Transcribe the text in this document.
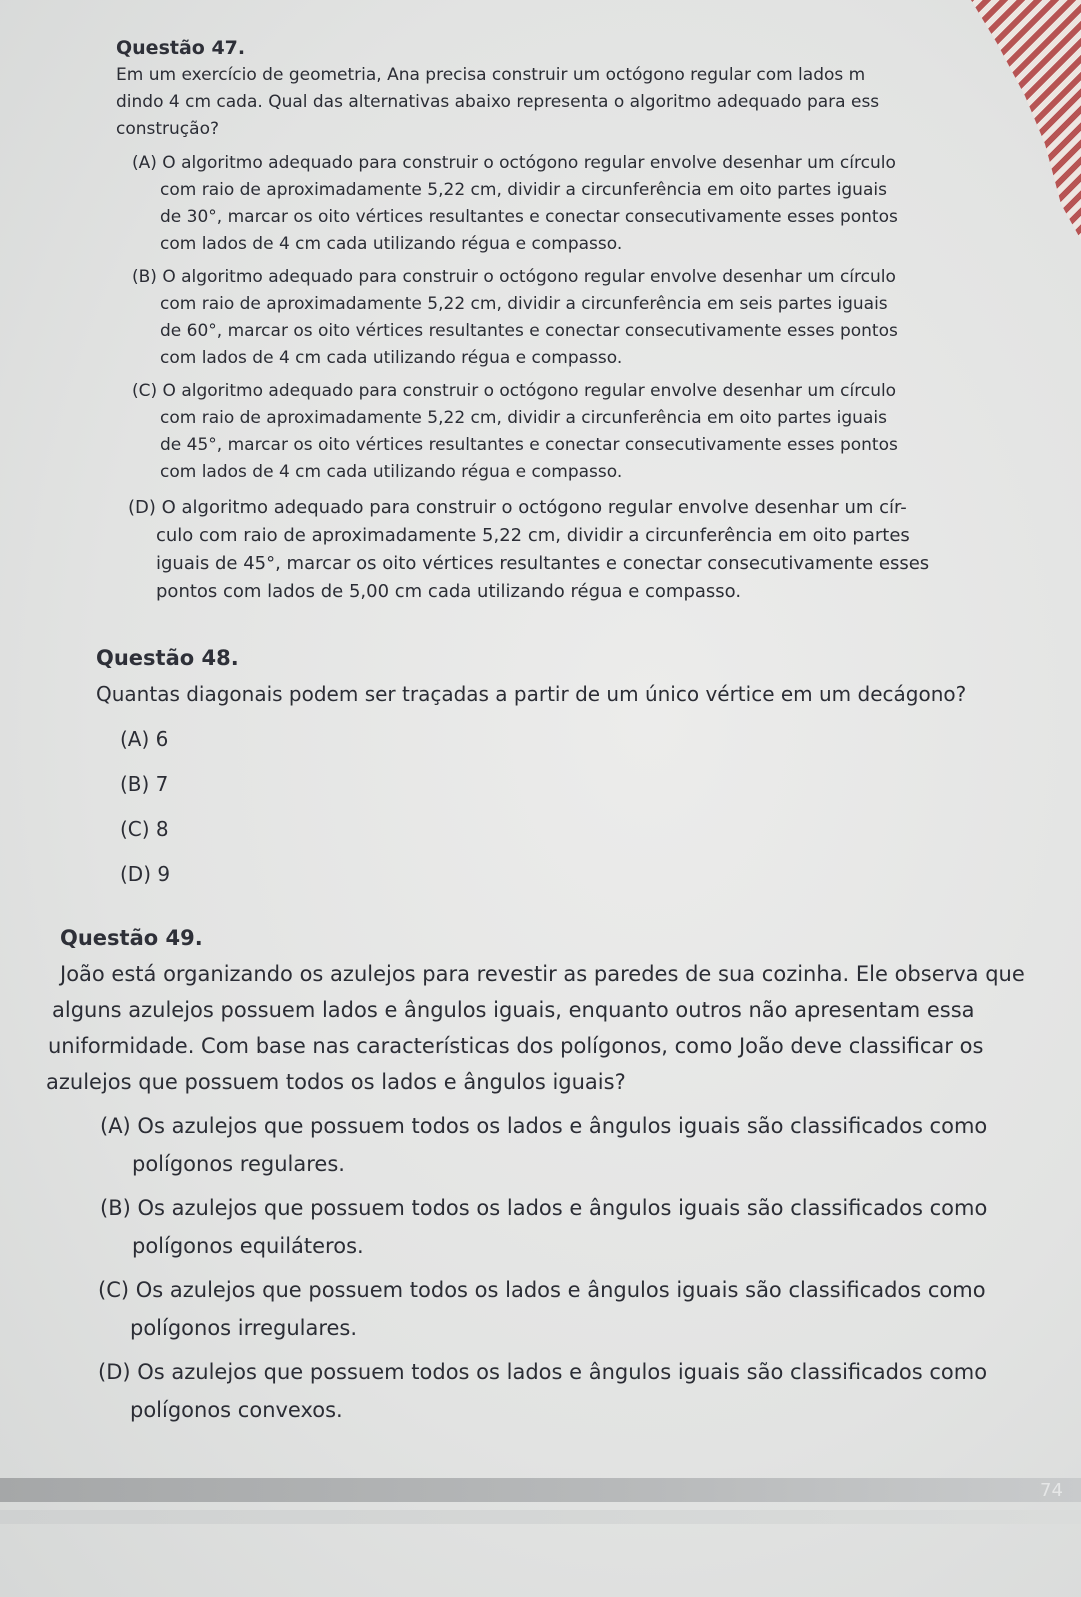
Questão 47.
Em um exercício de geometria, Ana precisa construir um octógono regular com lados m
dindo 4 cm cada. Qual das alternativas abaixo representa o algoritmo adequado para ess
construção?
(A) O algoritmo adequado para construir o octógono regular envolve desenhar um círculo
com raio de aproximadamente 5,22 cm, dividir a circunferência em oito partes iguais
de 30°, marcar os oito vértices resultantes e conectar consecutivamente esses pontos
com lados de 4 cm cada utilizando régua e compasso.
(B) O algoritmo adequado para construir o octógono regular envolve desenhar um círculo
com raio de aproximadamente 5,22 cm, dividir a circunferência em seis partes iguais
de 60°, marcar os oito vértices resultantes e conectar consecutivamente esses pontos
com lados de 4 cm cada utilizando régua e compasso.
(C) O algoritmo adequado para construir o octógono regular envolve desenhar um círculo
com raio de aproximadamente 5,22 cm, dividir a circunferência em oito partes iguais
de 45°, marcar os oito vértices resultantes e conectar consecutivamente esses pontos
com lados de 4 cm cada utilizando régua e compasso.
(D) O algoritmo adequado para construir o octógono regular envolve desenhar um cír-
culo com raio de aproximadamente 5,22 cm, dividir a circunferência em oito partes
iguais de 45°, marcar os oito vértices resultantes e conectar consecutivamente esses
pontos com lados de 5,00 cm cada utilizando régua e compasso.
Questão 48.
Quantas diagonais podem ser traçadas a partir de um único vértice em um decágono?
(A) 6
(B) 7
(C) 8
(D) 9
Questão 49.
João está organizando os azulejos para revestir as paredes de sua cozinha. Ele observa que
alguns azulejos possuem lados e ângulos iguais, enquanto outros não apresentam essa
uniformidade. Com base nas características dos polígonos, como João deve classificar os
azulejos que possuem todos os lados e ângulos iguais?
(A) Os azulejos que possuem todos os lados e ângulos iguais são classificados como
polígonos regulares.
(B) Os azulejos que possuem todos os lados e ângulos iguais são classificados como
polígonos equiláteros.
(C) Os azulejos que possuem todos os lados e ângulos iguais são classificados como
polígonos irregulares.
(D) Os azulejos que possuem todos os lados e ângulos iguais são classificados como
polígonos convexos.
74
